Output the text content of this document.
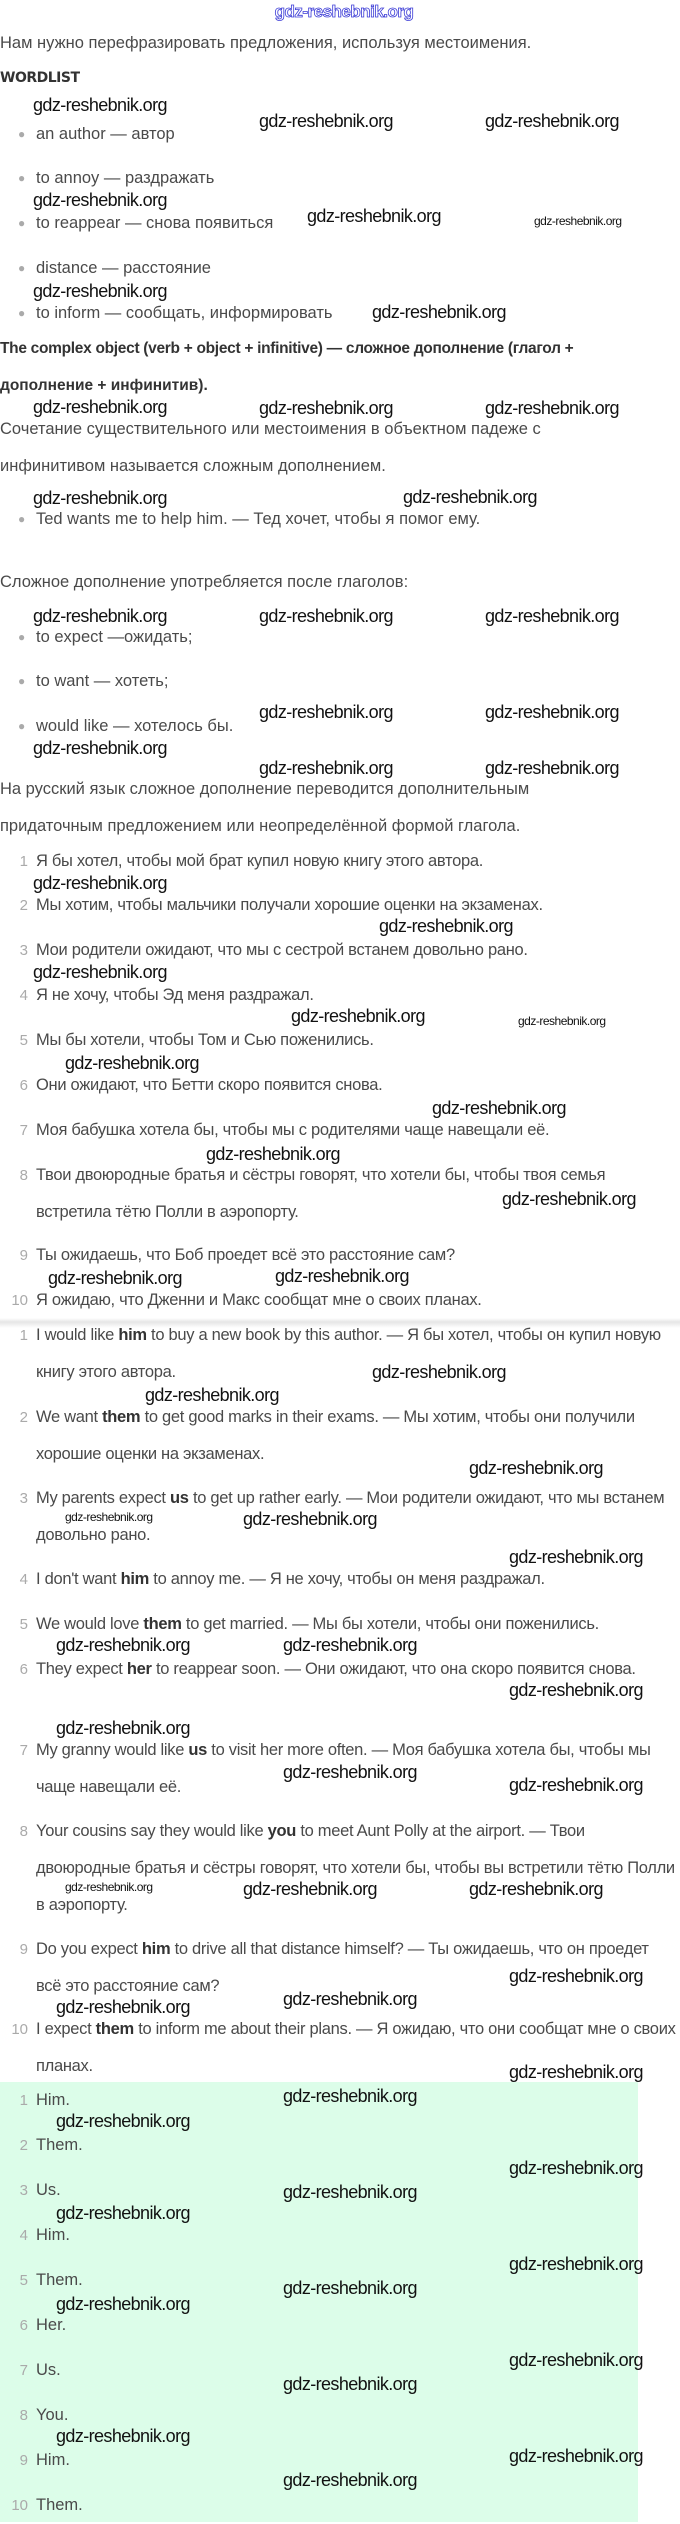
gdz-reshebnik.org
Нам нужно перефразировать предложения, используя местоимения.
WORDLIST
● an author — автор
● to annoy — раздражать
● to reappear — снова появиться
● distance — расстояние
● to inform — сообщать, информировать
The complex object (verb + object + infinitive) — сложное дополнение (глагол +
дополнение + инфинитив).
Сочетание существительного или местоимения в объектном падеже с
инфинитивом называется сложным дополнением.
● Ted wants me to help him. — Тед хочет, чтобы я помог ему.
Сложное дополнение употребляется после глаголов:
● to expect —ожидать;
● to want — хотеть;
● would like — хотелось бы.
На русский язык сложное дополнение переводится дополнительным
придаточным предложением или неопределённой формой глагола.
1 Я бы хотел, чтобы мой брат купил новую книгу этого автора.
2 Мы хотим, чтобы мальчики получали хорошие оценки на экзаменах.
3 Мои родители ожидают, что мы с сестрой встанем довольно рано.
4 Я не хочу, чтобы Эд меня раздражал.
5 Мы бы хотели, чтобы Том и Сью поженились.
6 Они ожидают, что Бетти скоро появится снова.
7 Моя бабушка хотела бы, чтобы мы с родителями чаще навещали её.
8 Твои двоюродные братья и сёстры говорят, что хотели бы, чтобы твоя семья встретила тётю Полли в аэропорту.
9 Ты ожидаешь, что Боб проедет всё это расстояние сам?
10 Я ожидаю, что Дженни и Макс сообщат мне о своих планах.
1 I would like him to buy a new book by this author. — Я бы хотел, чтобы он купил новую книгу этого автора.
2 We want them to get good marks in their exams. — Мы хотим, чтобы они получили хорошие оценки на экзаменах.
3 My parents expect us to get up rather early. — Мои родители ожидают, что мы встанем довольно рано.
4 I don't want him to annoy me. — Я не хочу, чтобы он меня раздражал.
5 We would love them to get married. — Мы бы хотели, чтобы они поженились.
6 They expect her to reappear soon. — Они ожидают, что она скоро появится снова.
7 My granny would like us to visit her more often. — Моя бабушка хотела бы, чтобы мы чаще навещали её.
8 Your cousins say they would like you to meet Aunt Polly at the airport. — Твои двоюродные братья и сёстры говорят, что хотели бы, чтобы вы встретили тётю Полли в аэропорту.
9 Do you expect him to drive all that distance himself? — Ты ожидаешь, что он проедет всё это расстояние сам?
10 I expect them to inform me about their plans. — Я ожидаю, что они сообщат мне о своих планах.
1 Him.
2 Them.
3 Us.
4 Him.
5 Them.
6 Her.
7 Us.
8 You.
9 Him.
10 Them.
gdz-reshebnik.org
gdz-reshebnik.org	gdz-reshebnik.org
gdz-reshebnik.org
gdz-reshebnik.org	gdz-reshebnik.org
gdz-reshebnik.org
gdz-reshebnik.org
gdz-reshebnik.org	gdz-reshebnik.org	gdz-reshebnik.org
gdz-reshebnik.org	gdz-reshebnik.org
gdz-reshebnik.org	gdz-reshebnik.org	gdz-reshebnik.org
gdz-reshebnik.org	gdz-reshebnik.org
gdz-reshebnik.org
gdz-reshebnik.org	gdz-reshebnik.org
gdz-reshebnik.org
gdz-reshebnik.org
gdz-reshebnik.org
gdz-reshebnik.org	gdz-reshebnik.org
gdz-reshebnik.org
gdz-reshebnik.org
gdz-reshebnik.org
gdz-reshebnik.org
gdz-reshebnik.org
gdz-reshebnik.org
gdz-reshebnik.org
gdz-reshebnik.org
gdz-reshebnik.org
gdz-reshebnik.org	gdz-reshebnik.org
gdz-reshebnik.org
gdz-reshebnik.org	gdz-reshebnik.org
gdz-reshebnik.org
gdz-reshebnik.org
gdz-reshebnik.org
gdz-reshebnik.org
gdz-reshebnik.org	gdz-reshebnik.org	gdz-reshebnik.org
gdz-reshebnik.org
gdz-reshebnik.org	gdz-reshebnik.org
gdz-reshebnik.org
gdz-reshebnik.org
gdz-reshebnik.org
gdz-reshebnik.org
gdz-reshebnik.org
gdz-reshebnik.org
gdz-reshebnik.org
gdz-reshebnik.org
gdz-reshebnik.org
gdz-reshebnik.org
gdz-reshebnik.org
gdz-reshebnik.org
gdz-reshebnik.org
gdz-reshebnik.org
